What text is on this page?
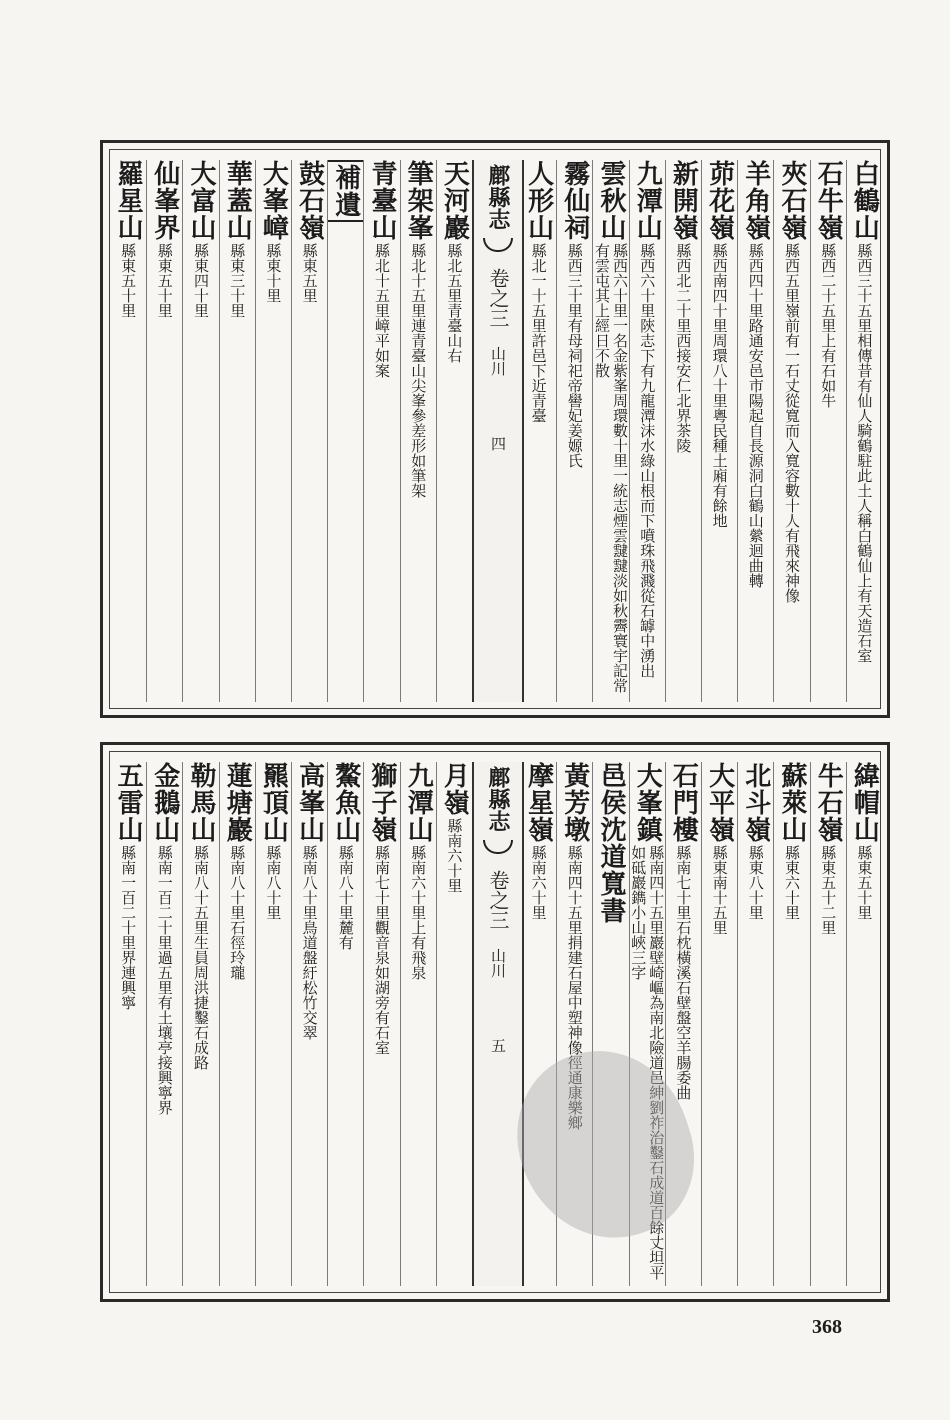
白鶴山
縣西三十五里相傳昔有仙人騎鶴駐此土人稱白鶴仙上有天造石室
石牛嶺
縣西二十五里上有石如牛
夾石嶺
縣西五里嶺前有一石丈從寬而入寬容數十人有飛來神像
羊角嶺
縣西四十里路通安邑市陽起自長源洞白鶴山縈迴曲轉
茆花嶺
縣西南四十里周環八十里粵民種土廂有餘地
新開嶺
縣西北二十里西接安仁北界茶陵
九潭山
縣西六十里陝志下有九龍潭沫水綠山根而下噴珠飛濺從石罅中湧出
雲秋山
縣西六十里一名金紫峯周環數十里一統志煙雲靆靆淡如秋霽寰宇記常有雲屯其上經日不散
霧仙祠
縣西三十里有母祠祀帝嚳妃姜嫄氏
人形山
縣北一十五里許邑下近青臺
鄜縣志
卷之三
山川
四
天河巖
縣北五里青臺山右
筆架峯
縣北十五里連青臺山尖峯參差形如筆架
青臺山
縣北十五里嶂平如案
補遺
鼓石嶺
縣東五里
大峯嶂
縣東十里
華蓋山
縣東三十里
大富山
縣東四十里
仙峯界
縣東五十里
羅星山
縣東五十里
緯帽山
縣東五十里
牛石嶺
縣東五十二里
蘇萊山
縣東六十里
北斗嶺
縣東八十里
大平嶺
縣東南十五里
石門樓
縣南七十里石枕橫溪石壁盤空羊腸委曲
大峯鎮
縣南四十五里巖壁崎嶇為南北險道邑紳劉祚治鑿石成道百餘丈坦平如砥巖鐫小山峽三字
邑侯沈道寬書
黃芳墩
縣南四十五里捐建石屋中塑神像徑通康樂鄉
摩星嶺
縣南六十里
鄜縣志
卷之三
山川
五
月嶺
縣南六十里
九潭山
縣南六十里上有飛泉
獅子嶺
縣南七十里觀音泉如湖旁有石室
鰲魚山
縣南八十里麓有
高峯山
縣南八十里鳥道盤紆松竹交翠
羆頂山
縣南八十里
蓮塘巖
縣南八十里石徑玲瓏
勒馬山
縣南八十五里生員周洪捷鑿石成路
金鵝山
縣南一百二十里過五里有土壤亭接興寧界
五雷山
縣南一百二十里界連興寧
368
